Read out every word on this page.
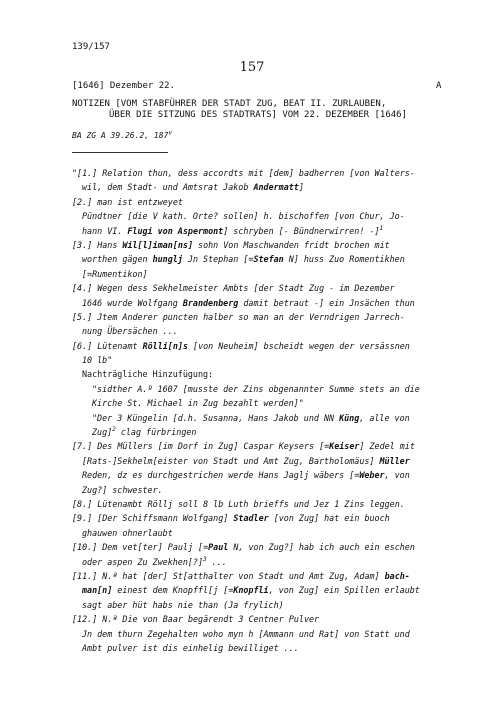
139/157
157
[1646] Dezember 22.	A
NOTIZEN [VOM STABFÜHRER DER STADT ZUG, BEAT II. ZURLAUBEN,
ÜBER DIE SITZUNG DES STADTRATS] VOM 22. DEZEMBER [1646]
BA ZG A 39.26.2, 187$^v$
"[1.] Relation thun, dess accordts mit [dem] badherren [von Walters-
wil, dem Stadt- und Amtsrat Jakob Andermatt]
[2.] man ist entzweyet
Pündtner [die V kath. Orte? sollen] h. bischoffen [von Chur, Jo-
hann VI. Flugi von Aspermont] schryben [- Bündnerwirren! -]$^1$
[3.] Hans Wil[l]iman[ns] sohn Von Maschwanden fridt brochen mit
worthen gägen hunglj Jn Stephan [=Stefan N] huss Zuo Romentikhen
[=Rumentikon]
[4.] Wegen dess Sekhelmeister Ambts [der Stadt Zug - im Dezember
1646 wurde Wolfgang Brandenberg damit betraut -] ein Jnsächen thun
[5.] Jtem Anderer puncten halber so man an der Verndrigen Jarrech-
nung Übersächen ...
[6.] Lütenamt Rölli[n]s [von Neuheim] bscheidt wegen der versässnen
10 lb"
Nachträgliche Hinzufügung:
"sidther A.º 1607 [musste der Zins obgenannter Summe stets an die
Kirche St. Michael in Zug bezahlt werden]"
"Der 3 Küngelin [d.h. Susanna, Hans Jakob und NN Küng, alle von
Zug]$^2$ clag fürbringen
[7.] Des Müllers [im Dorf in Zug] Caspar Keysers [=Keiser] Zedel mit
[Rats-]Sekhelm[eister von Stadt und Amt Zug, Bartholomäus] Müller
Reden, dz es durchgestrichen werde Hans Jaglj wäbers [=Weber, von
Zug?] schwester.
[8.] Lütenambt Röllj soll 8 lb Luth brieffs und Jez 1 Zins leggen.
[9.] [Der Schiffsmann Wolfgang] Stadler [von Zug] hat ein buoch
ghauwen ohnerlaubt
[10.] Dem vet[ter] Paulj [=Paul N, von Zug?] hab ich auch ein eschen
oder aspen Zu Zwekhen[?]$^3$ ...
[11.] N.ª hat [der] St[atthalter von Stadt und Amt Zug, Adam] bach-
man[n] einest dem Knopffl[j [=Knopfli, von Zug] ein Spillen erlaubt
sagt aber hüt habs nie than (Ja frylich)
[12.] N.ª Die von Baar begärendt 3 Centner Pulver
Jn dem thurn Zegehalten woho myn h [Ammann und Rat] von Statt und
Ambt pulver ist dis einhelig bewilliget ...
